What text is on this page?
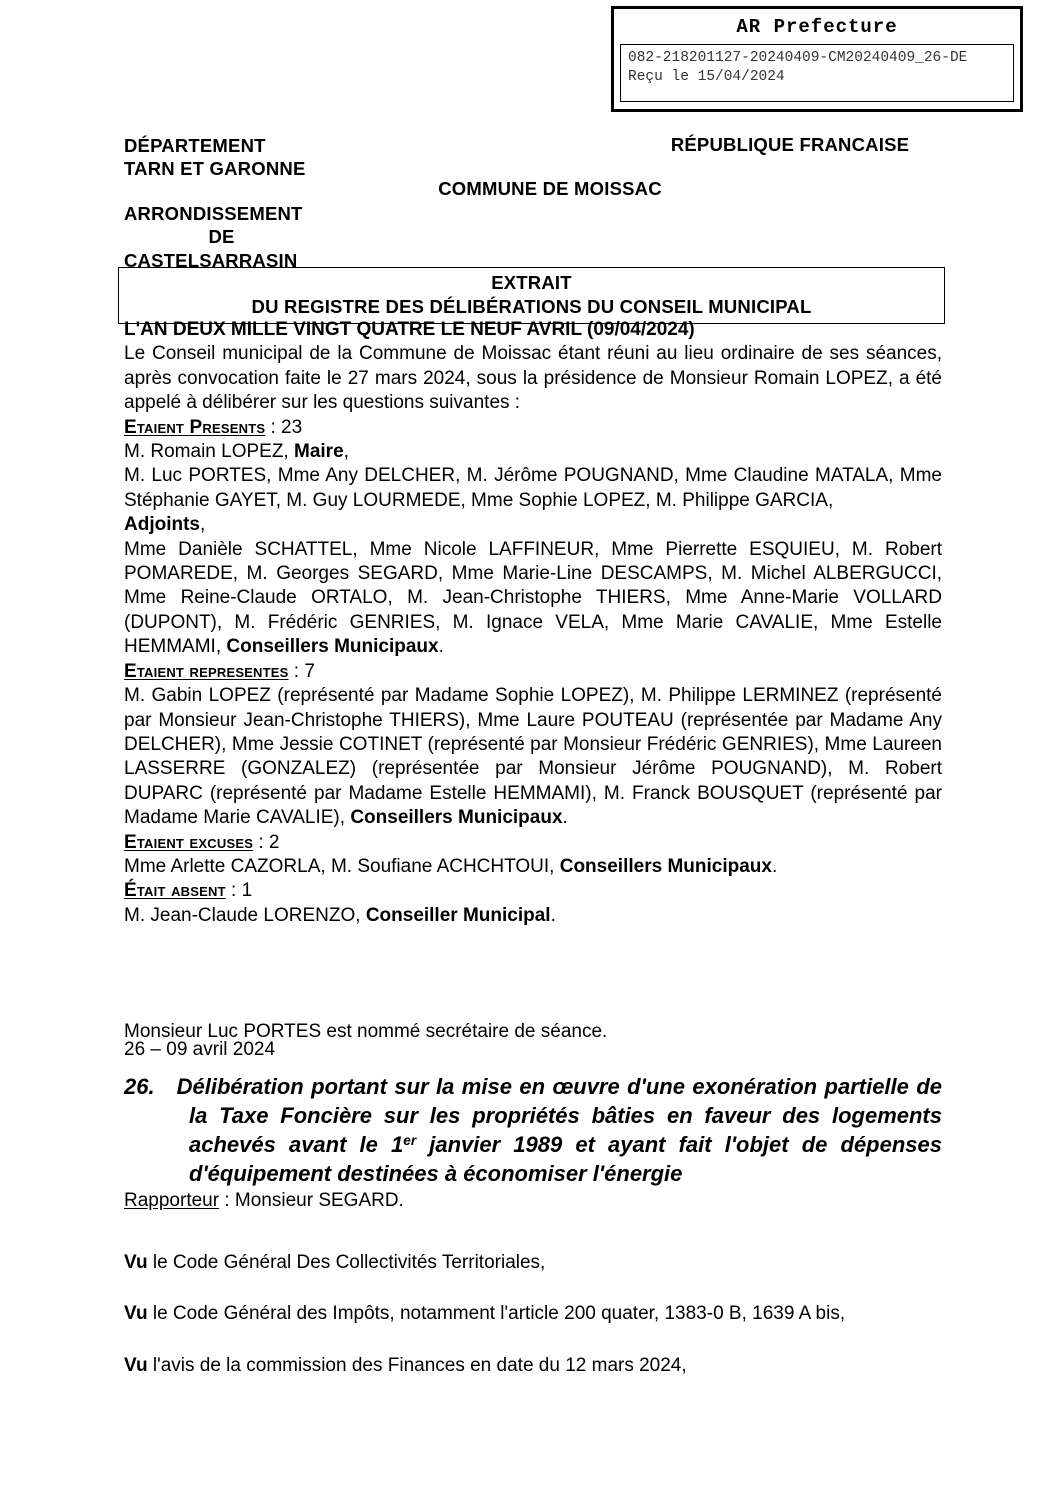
AR Prefecture
082-218201127-20240409-CM20240409_26-DE
Reçu le 15/04/2024
DÉPARTEMENT
TARN ET GARONNE
ARRONDISSEMENT
DE
CASTELSARRASIN
RÉPUBLIQUE FRANCAISE
COMMUNE DE MOISSAC
EXTRAIT
DU REGISTRE DES DÉLIBÉRATIONS DU CONSEIL MUNICIPAL

L'AN DEUX MILLE VINGT QUATRE LE NEUF AVRIL (09/04/2024)

Le Conseil municipal de la Commune de Moissac étant réuni au lieu ordinaire de ses séances, après convocation faite le 27 mars 2024, sous la présidence de Monsieur Romain LOPEZ, a été appelé à délibérer sur les questions suivantes :

Etaient Presents : 23

M. Romain LOPEZ, Maire,

M. Luc PORTES, Mme Any DELCHER, M. Jérôme POUGNAND, Mme Claudine MATALA, Mme Stéphanie GAYET, M. Guy LOURMEDE, Mme Sophie LOPEZ, M. Philippe GARCIA,

Adjoints,

Mme Danièle SCHATTEL, Mme Nicole LAFFINEUR, Mme Pierrette ESQUIEU, M. Robert POMAREDE, M. Georges SEGARD, Mme Marie-Line DESCAMPS, M. Michel ALBERGUCCI, Mme Reine-Claude ORTALO, M. Jean-Christophe THIERS, Mme Anne-Marie VOLLARD (DUPONT), M. Frédéric GENRIES, M. Ignace VELA, Mme Marie CAVALIE, Mme Estelle HEMMAMI, Conseillers Municipaux.

Etaient representes : 7

M. Gabin LOPEZ (représenté par Madame Sophie LOPEZ), M. Philippe LERMINEZ (représenté par Monsieur Jean-Christophe THIERS), Mme Laure POUTEAU (représentée par Madame Any DELCHER), Mme Jessie COTINET (représenté par Monsieur Frédéric GENRIES), Mme Laureen LASSERRE (GONZALEZ) (représentée par Monsieur Jérôme POUGNAND), M. Robert DUPARC (représenté par Madame Estelle HEMMAMI), M. Franck BOUSQUET (représenté par Madame Marie CAVALIE), Conseillers Municipaux.

Etaient excuses : 2

Mme Arlette CAZORLA, M. Soufiane ACHCHTOUI, Conseillers Municipaux.

Était absent : 1

M. Jean-Claude LORENZO, Conseiller Municipal.

Monsieur Luc PORTES est nommé secrétaire de séance.

26 – 09 avril 2024
26. Délibération portant sur la mise en œuvre d'une exonération partielle de la Taxe Foncière sur les propriétés bâties en faveur des logements achevés avant le 1er janvier 1989 et ayant fait l'objet de dépenses d'équipement destinées à économiser l'énergie
Rapporteur : Monsieur SEGARD.

Vu le Code Général Des Collectivités Territoriales,

Vu le Code Général des Impôts, notamment l'article 200 quater, 1383-0 B, 1639 A bis,

Vu l'avis de la commission des Finances en date du 12 mars 2024,
